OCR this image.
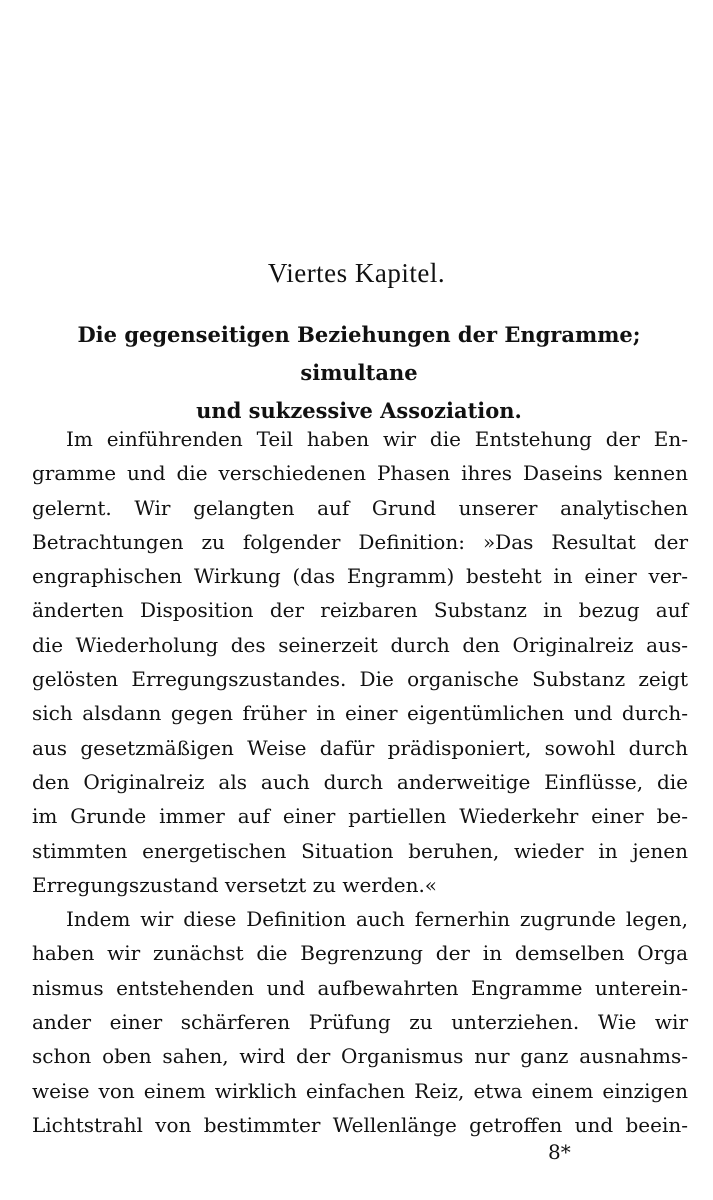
Viertes Kapitel.
Die gegenseitigen Beziehungen der Engramme; simultane
und sukzessive Assoziation.

Im einführenden Teil haben wir die Entstehung der En-
gramme und die verschiedenen Phasen ihres Daseins kennen
gelernt. Wir gelangten auf Grund unserer analytischen
Betrachtungen zu folgender Definition: »Das Resultat der
engraphischen Wirkung (das Engramm) besteht in einer ver-
änderten Disposition der reizbaren Substanz in bezug auf
die Wiederholung des seinerzeit durch den Originalreiz aus-
gelösten Erregungszustandes. Die organische Substanz zeigt
sich alsdann gegen früher in einer eigentümlichen und durch-
aus gesetzmäßigen Weise dafür prädisponiert, sowohl durch
den Originalreiz als auch durch anderweitige Einflüsse, die
im Grunde immer auf einer partiellen Wiederkehr einer be-
stimmten energetischen Situation beruhen, wieder in jenen
Erregungszustand versetzt zu werden.«

Indem wir diese Definition auch fernerhin zugrunde legen,
haben wir zunächst die Begrenzung der in demselben Orga
nismus entstehenden und aufbewahrten Engramme unterein-
ander einer schärferen Prüfung zu unterziehen. Wie wir
schon oben sahen, wird der Organismus nur ganz ausnahms-
weise von einem wirklich einfachen Reiz, etwa einem einzigen
Lichtstrahl von bestimmter Wellenlänge getroffen und beein-

8*
